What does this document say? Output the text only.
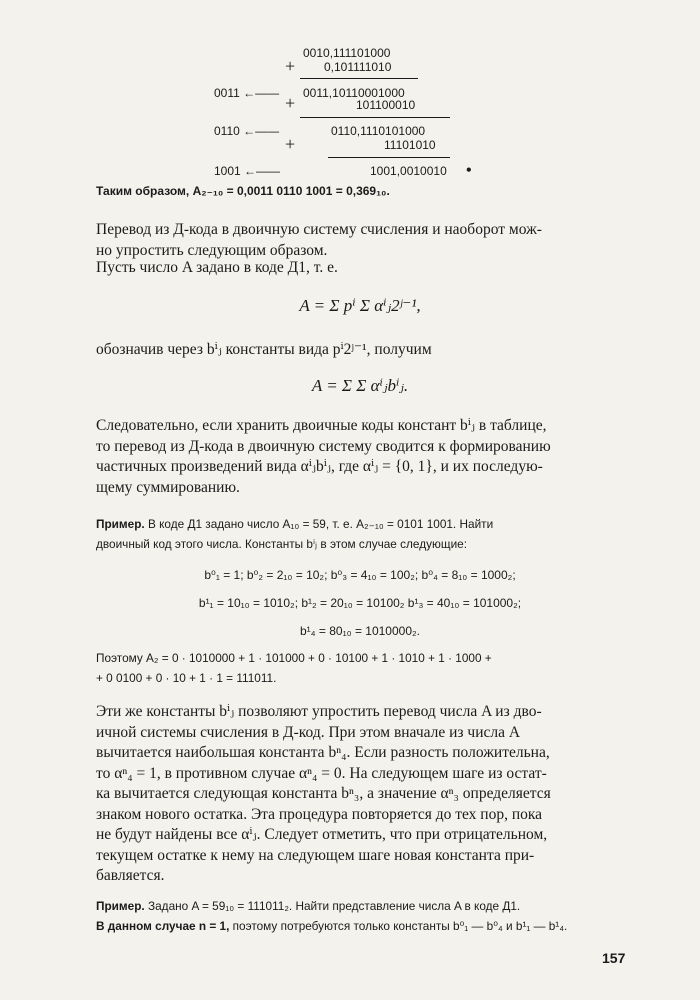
0010,111101000
+ 0,101111010
0011 ←—— 0011,10110001000
+	101100010
0110 ←——	0110,1110101000
+	11101010
1001 ←——	1001,0010010 •
Таким образом, A₂₋₁₀ = 0,0011 0110 1001 = 0,369₁₀.
Перевод из Д-кода в двоичную систему счисления и наоборот мож-
но упростить следующим образом.
Пусть число A задано в коде Д1, т. е.
A = Σ pⁱ Σ αⁱⱼ2ʲ⁻¹,
обозначив через bⁱⱼ константы вида pⁱ2ʲ⁻¹, получим
A = Σ Σ αⁱⱼbⁱⱼ.
Следовательно, если хранить двоичные коды констант bⁱⱼ в таблице,
то перевод из Д-кода в двоичную систему сводится к формированию
частичных произведений вида αⁱⱼbⁱⱼ, где αⁱⱼ = {0, 1}, и их последую-
щему суммированию.
Пример. В коде Д1 задано число A₁₀ = 59, т. е. A₂₋₁₀ = 0101 1001. Найти
двоичный код этого числа. Константы bⁱⱼ в этом случае следующие:
b⁰₁ = 1; b⁰₂ = 2₁₀ = 10₂; b⁰₃ = 4₁₀ = 100₂; b⁰₄ = 8₁₀ = 1000₂;
b¹₁ = 10₁₀ = 1010₂; b¹₂ = 20₁₀ = 10100₂ b¹₃ = 40₁₀ = 101000₂;
b¹₄ = 80₁₀ = 1010000₂.
Поэтому A₂ = 0 · 1010000 + 1 · 101000 + 0 · 10100 + 1 · 1010 + 1 · 1000 +
+ 0 0100 + 0 · 10 + 1 · 1 = 111011.
Эти же константы bⁱⱼ позволяют упростить перевод числа A из дво-
ичной системы счисления в Д-код. При этом вначале из числа A
вычитается наибольшая константа bⁿ₄. Если разность положительна,
то αⁿ₄ = 1, в противном случае αⁿ₄ = 0. На следующем шаге из остат-
ка вычитается следующая константа bⁿ₃, а значение αⁿ₃ определяется
знаком нового остатка. Эта процедура повторяется до тех пор, пока
не будут найдены все αⁱⱼ. Следует отметить, что при отрицательном,
текущем остатке к нему на следующем шаге новая константа при-
бавляется.
Пример. Задано A = 59₁₀ = 111011₂. Найти представление числа A в коде Д1.
В данном случае n = 1, поэтому потребуются только константы b⁰₁ — b⁰₄ и b¹₁ — b¹₄.
157
